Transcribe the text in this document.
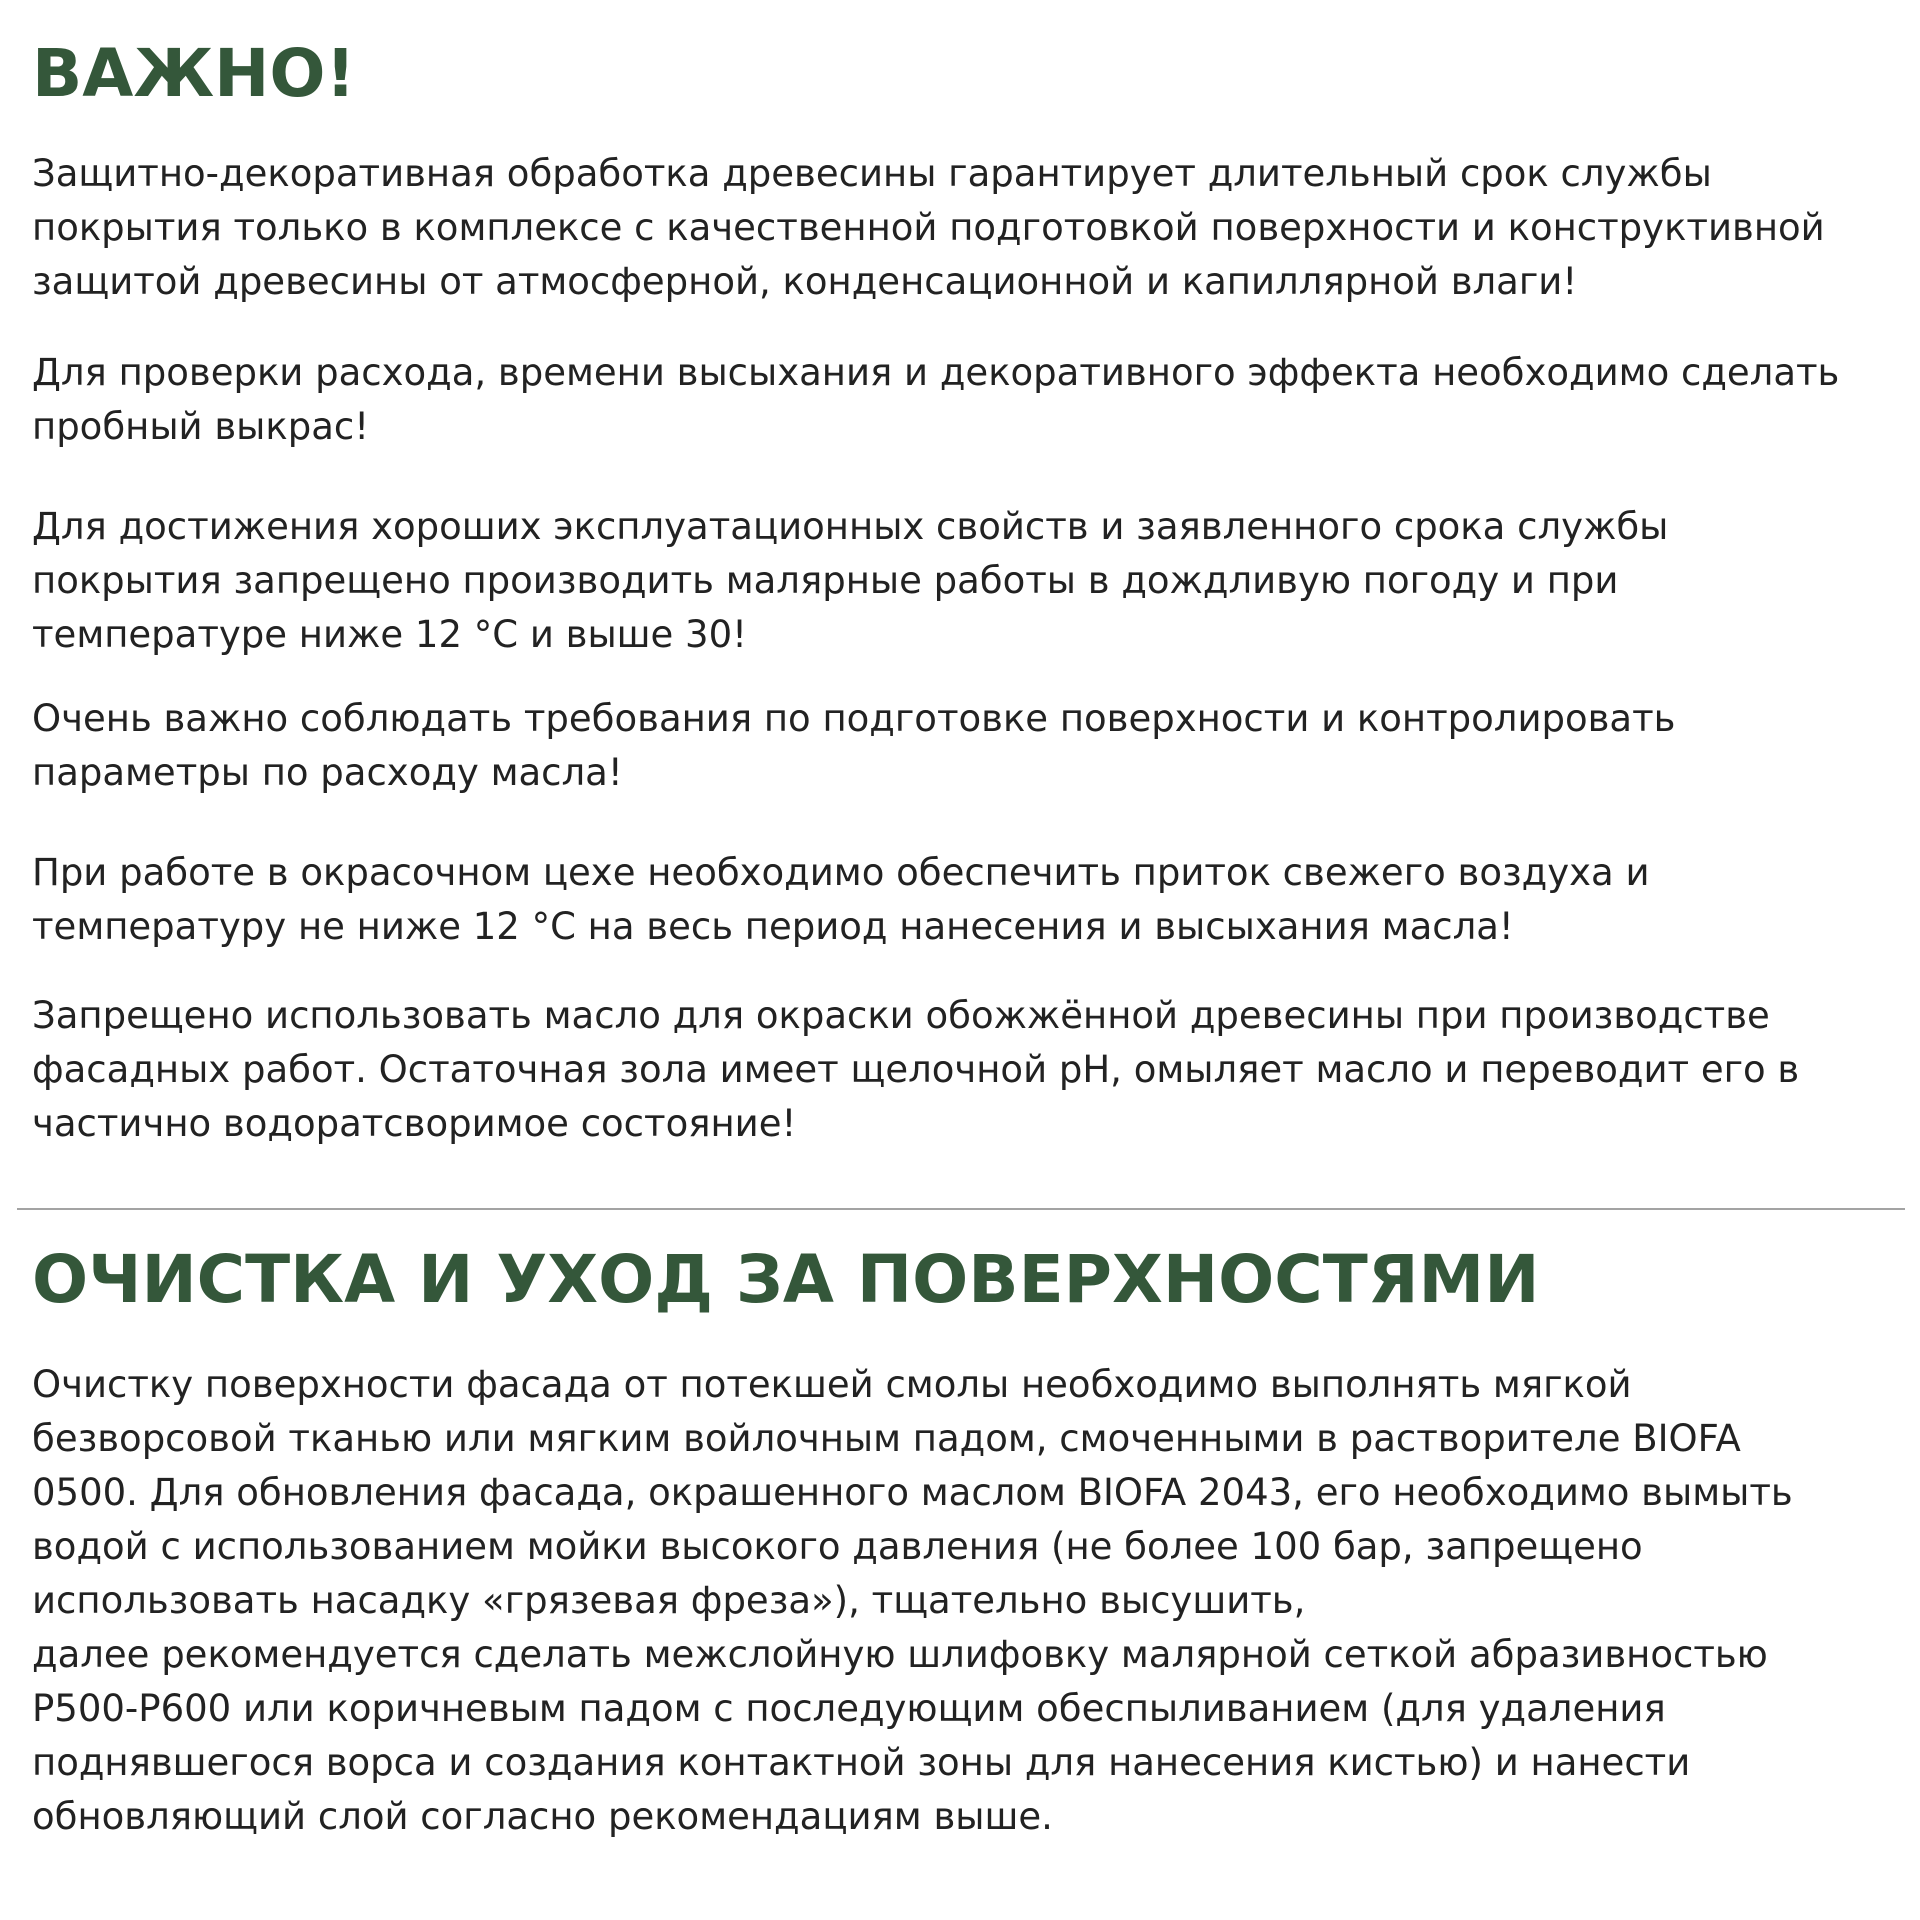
ВАЖНО!

Защитно-декоративная обработка древесины гарантирует длительный срок службы
покрытия только в комплексе с качественной подготовкой поверхности и конструктивной
защитой древесины от атмосферной, конденсационной и капиллярной влаги!

Для проверки расхода, времени высыхания и декоративного эффекта необходимо сделать
пробный выкрас!

Для достижения хороших эксплуатационных свойств и заявленного срока службы
покрытия запрещено производить малярные работы в дождливую погоду и при
температуре ниже 12 °C и выше 30!

Очень важно соблюдать требования по подготовке поверхности и контролировать
параметры по расходу масла!

При работе в окрасочном цехе необходимо обеспечить приток свежего воздуха и
температуру не ниже 12 °C на весь период нанесения и высыхания масла!

Запрещено использовать масло для окраски обожжённой древесины при производстве
фасадных работ. Остаточная зола имеет щелочной pH, омыляет масло и переводит его в
частично водоратсворимое состояние!

ОЧИСТКА И УХОД ЗА ПОВЕРХНОСТЯМИ

Очистку поверхности фасада от потекшей смолы необходимо выполнять мягкой
безворсовой тканью или мягким войлочным падом, смоченными в растворителе BIOFA
0500. Для обновления фасада, окрашенного маслом BIOFA 2043, его необходимо вымыть
водой с использованием мойки высокого давления (не более 100 бар, запрещено
использовать насадку «грязевая фреза»), тщательно высушить,
далее рекомендуется сделать межслойную шлифовку малярной сеткой абразивностью
Р500-Р600 или коричневым падом с последующим обеспыливанием (для удаления
поднявшегося ворса и создания контактной зоны для нанесения кистью) и нанести
обновляющий слой согласно рекомендациям выше.
